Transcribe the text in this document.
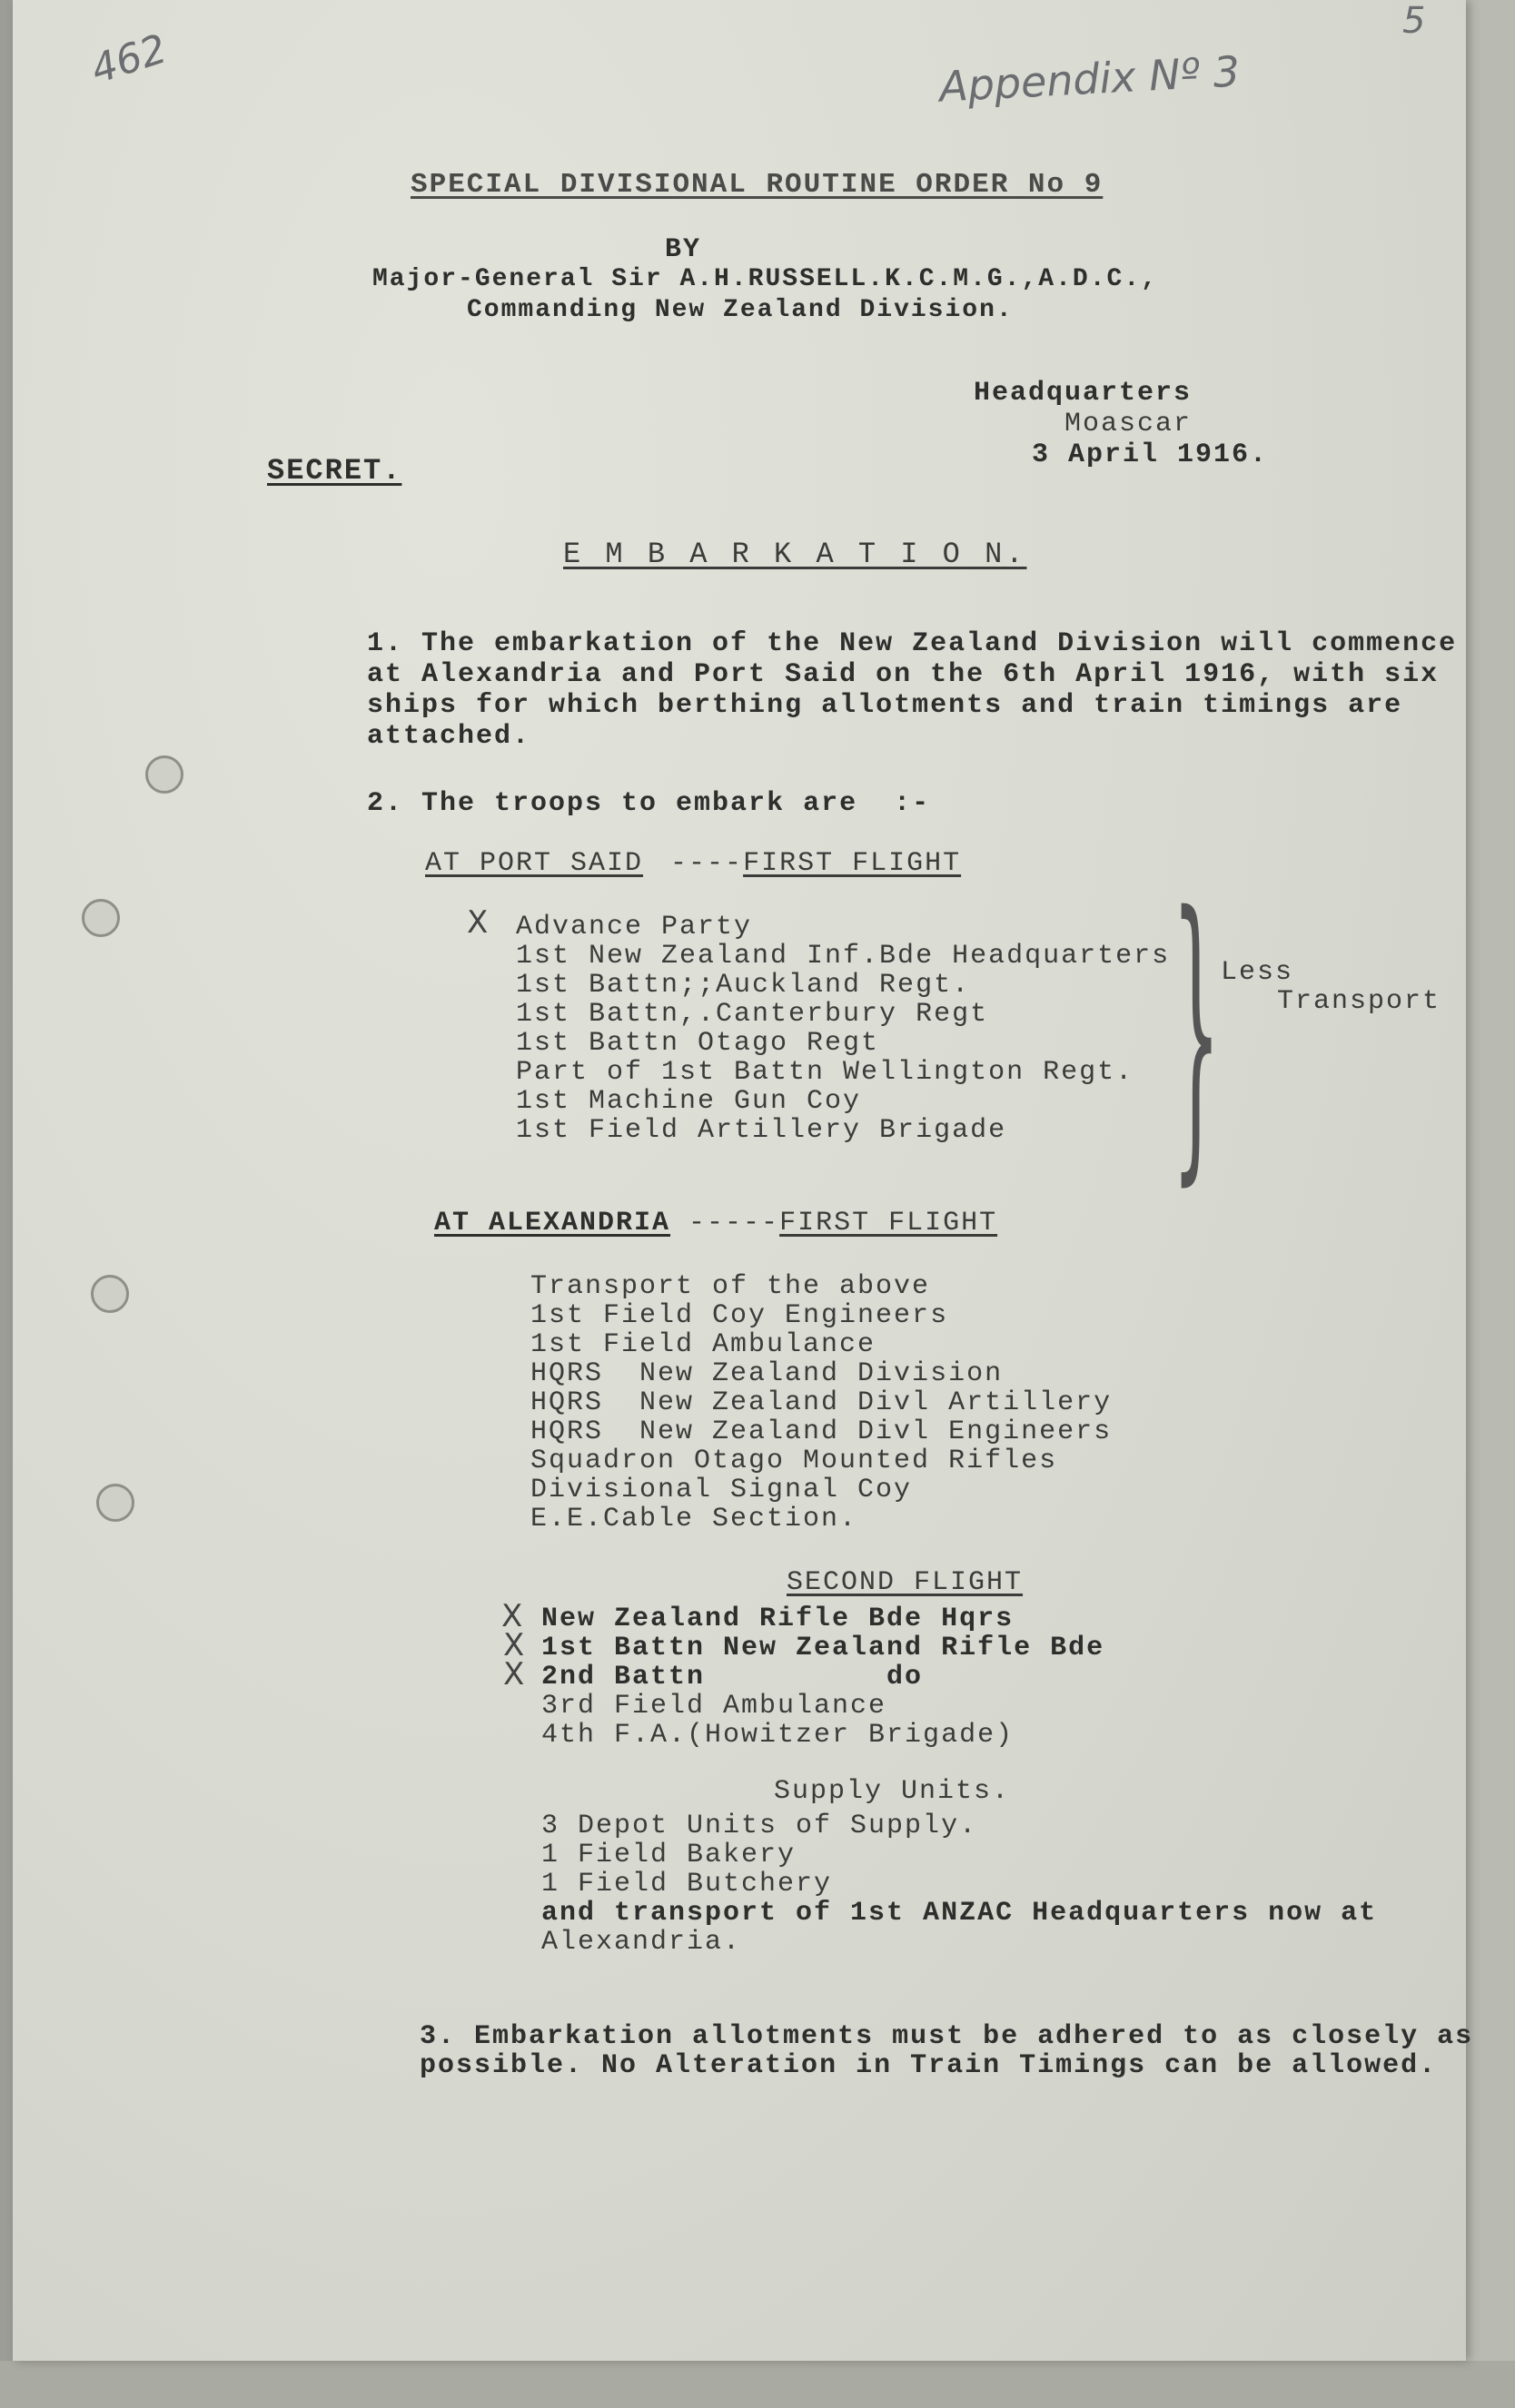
462
5
Appendix Nº 3
SPECIAL DIVISIONAL ROUTINE ORDER No 9
BY
Major-General Sir A.H.RUSSELL.K.C.M.G.,A.D.C.,
Commanding New Zealand Division.
Headquarters
Moascar
3 April 1916.
SECRET.
E M B A R K A T I O N.
1. The embarkation of the New Zealand Division will commence
at Alexandria and Port Said on the 6th April 1916, with six
ships for which berthing allotments and train timings are
attached.
2. The troops to embark are  :-
AT PORT SAID ----FIRST FLIGHT
X Advance Party
1st New Zealand Inf.Bde Headquarters
1st Battn;;Auckland Regt.
1st Battn,.Canterbury Regt
1st Battn Otago Regt
Part of 1st Battn Wellington Regt.
1st Machine Gun Coy
1st Field Artillery Brigade } Less
Transport
AT ALEXANDRIA -----FIRST FLIGHT
Transport of the above
1st Field Coy Engineers
1st Field Ambulance
HQRS  New Zealand Division
HQRS  New Zealand Divl Artillery
HQRS  New Zealand Divl Engineers
Squadron Otago Mounted Rifles
Divisional Signal Coy
E.E.Cable Section.
SECOND FLIGHT
X
X
X
New Zealand Rifle Bde Hqrs
1st Battn New Zealand Rifle Bde
2nd Battn          do
3rd Field Ambulance
4th F.A.(Howitzer Brigade)
Supply Units.
3 Depot Units of Supply.
1 Field Bakery
1 Field Butchery
and transport of 1st ANZAC Headquarters now at
Alexandria.
3. Embarkation allotments must be adhered to as closely as
possible. No Alteration in Train Timings can be allowed.
